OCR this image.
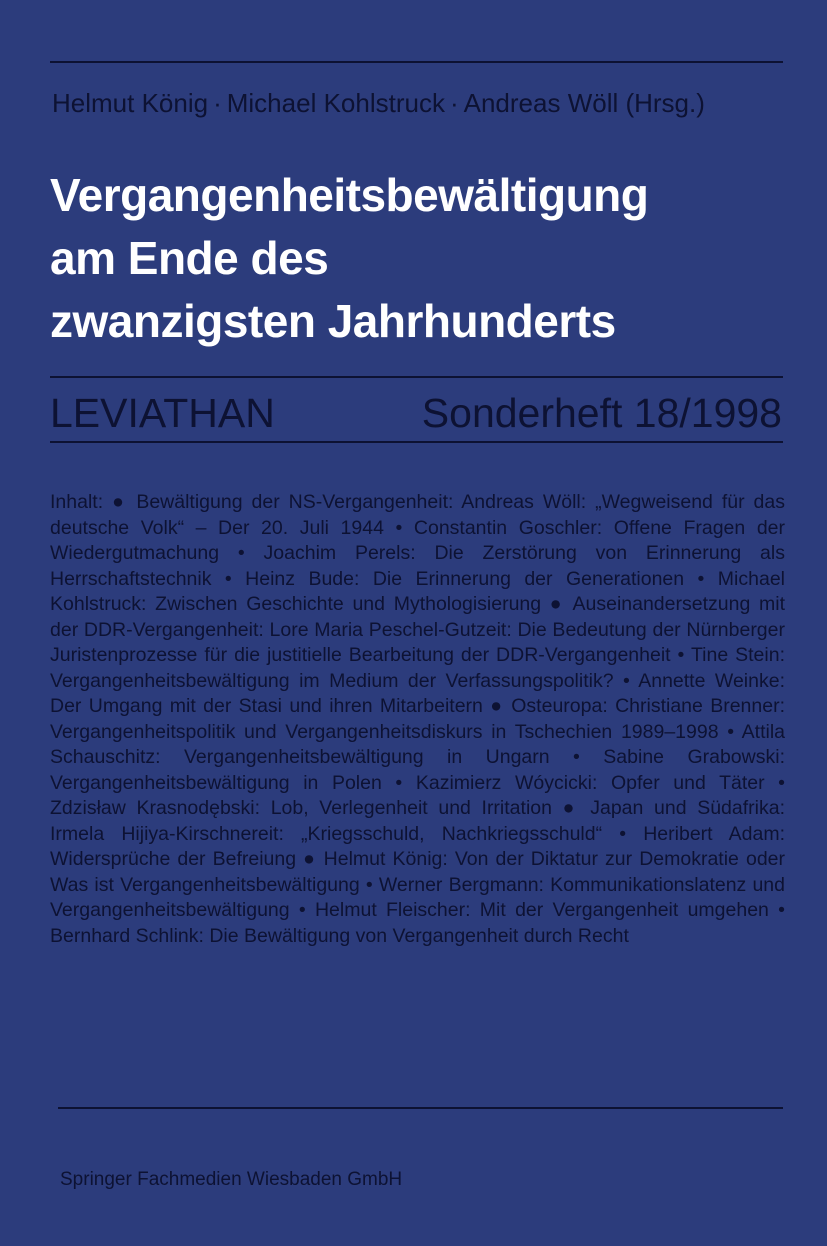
Helmut König · Michael Kohlstruck · Andreas Wöll (Hrsg.)
Vergangenheitsbewältigung
am Ende des
zwanzigsten Jahrhunderts
LEVIATHAN	Sonderheft 18/1998
Inhalt: ● Bewältigung der NS-Vergangenheit: Andreas Wöll: „Wegweisend für das deutsche Volk“ – Der 20. Juli 1944 • Constantin Goschler: Offene Fragen der Wiedergutmachung • Joachim Perels: Die Zerstörung von Erinnerung als Herrschaftstechnik • Heinz Bude: Die Erinnerung der Generationen • Michael Kohlstruck: Zwischen Geschichte und Mythologisierung ● Auseinandersetzung mit der DDR-Vergangenheit: Lore Maria Peschel-Gutzeit: Die Bedeutung der Nürnberger Juristenprozesse für die justitielle Bearbeitung der DDR-Vergangenheit • Tine Stein: Vergangenheitsbewältigung im Medium der Verfassungspolitik? • Annette Weinke: Der Umgang mit der Stasi und ihren Mitarbeitern ● Osteuropa: Christiane Brenner: Vergangenheitspolitik und Vergangenheitsdiskurs in Tschechien 1989–1998 • Attila Schauschitz: Vergangenheitsbewältigung in Ungarn • Sabine Grabowski: Vergangenheitsbewältigung in Polen • Kazimierz Wóycicki: Opfer und Täter • Zdzisław Krasnodębski: Lob, Verlegenheit und Irritation ● Japan und Südafrika: Irmela Hijiya-Kirschnereit: „Kriegsschuld, Nachkriegsschuld“ • Heribert Adam: Widersprüche der Befreiung ● Helmut König: Von der Diktatur zur Demokratie oder Was ist Vergangenheitsbewältigung • Werner Bergmann: Kommunikationslatenz und Vergangenheitsbewältigung • Helmut Fleischer: Mit der Vergangenheit umgehen • Bernhard Schlink: Die Bewältigung von Vergangenheit durch Recht
Springer Fachmedien Wiesbaden GmbH
